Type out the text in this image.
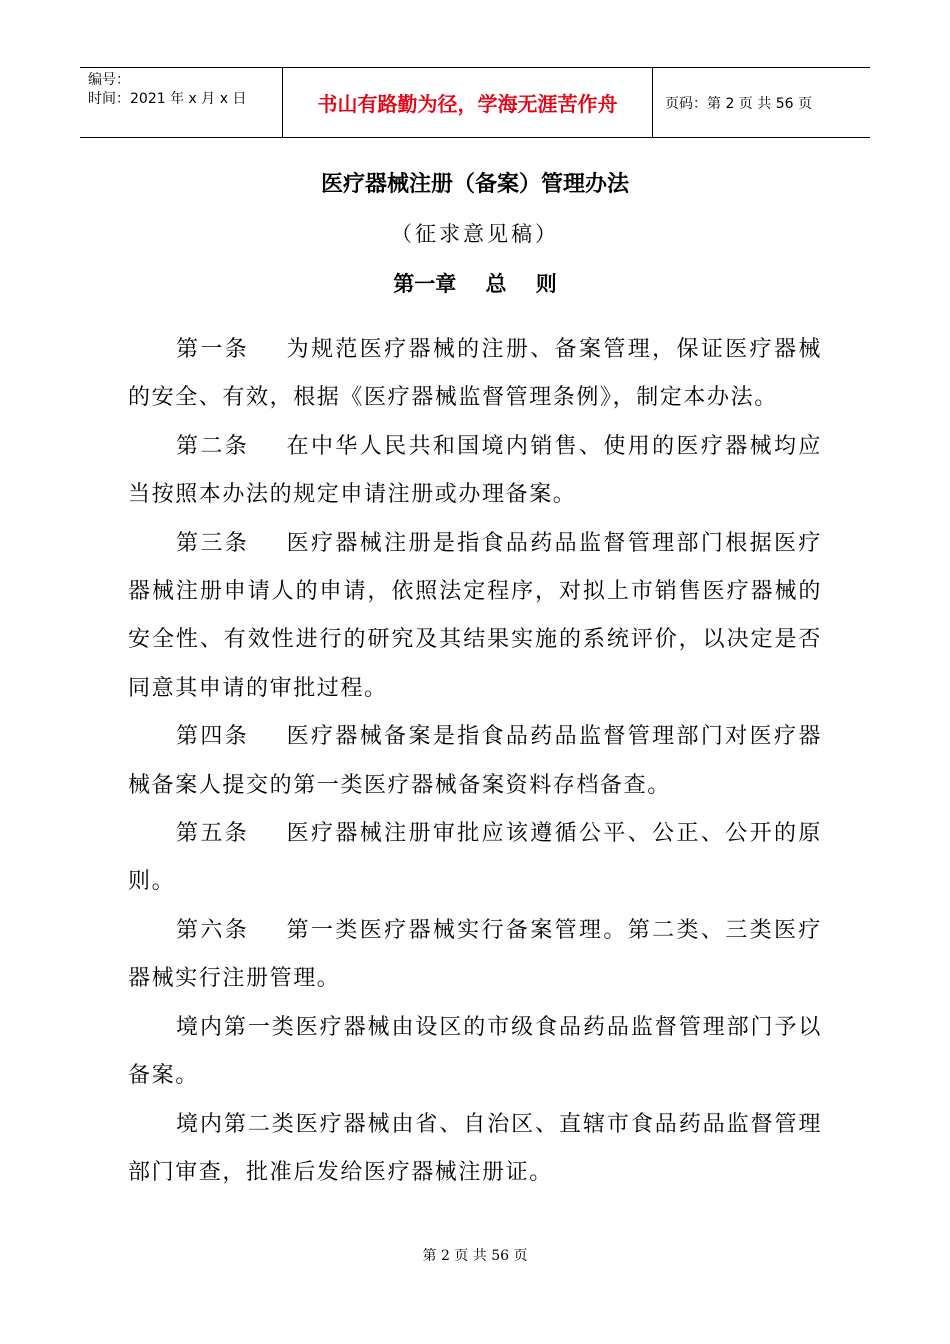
编号：
时间：2021 年 x 月 x 日	书山有路勤为径，学海无涯苦作舟	页码：第 2 页 共 56 页
医疗器械注册（备案）管理办法
（征求意见稿）
第一章    总    则

第一条    为规范医疗器械的注册、备案管理，保证医疗器械的安全、有效，根据《医疗器械监督管理条例》，制定本办法。

第二条    在中华人民共和国境内销售、使用的医疗器械均应当按照本办法的规定申请注册或办理备案。

第三条    医疗器械注册是指食品药品监督管理部门根据医疗器械注册申请人的申请，依照法定程序，对拟上市销售医疗器械的安全性、有效性进行的研究及其结果实施的系统评价，以决定是否同意其申请的审批过程。

第四条    医疗器械备案是指食品药品监督管理部门对医疗器械备案人提交的第一类医疗器械备案资料存档备查。

第五条    医疗器械注册审批应该遵循公平、公正、公开的原则。

第六条    第一类医疗器械实行备案管理。第二类、三类医疗器械实行注册管理。

境内第一类医疗器械由设区的市级食品药品监督管理部门予以备案。

境内第二类医疗器械由省、自治区、直辖市食品药品监督管理部门审查，批准后发给医疗器械注册证。

第 2 页 共 56 页
